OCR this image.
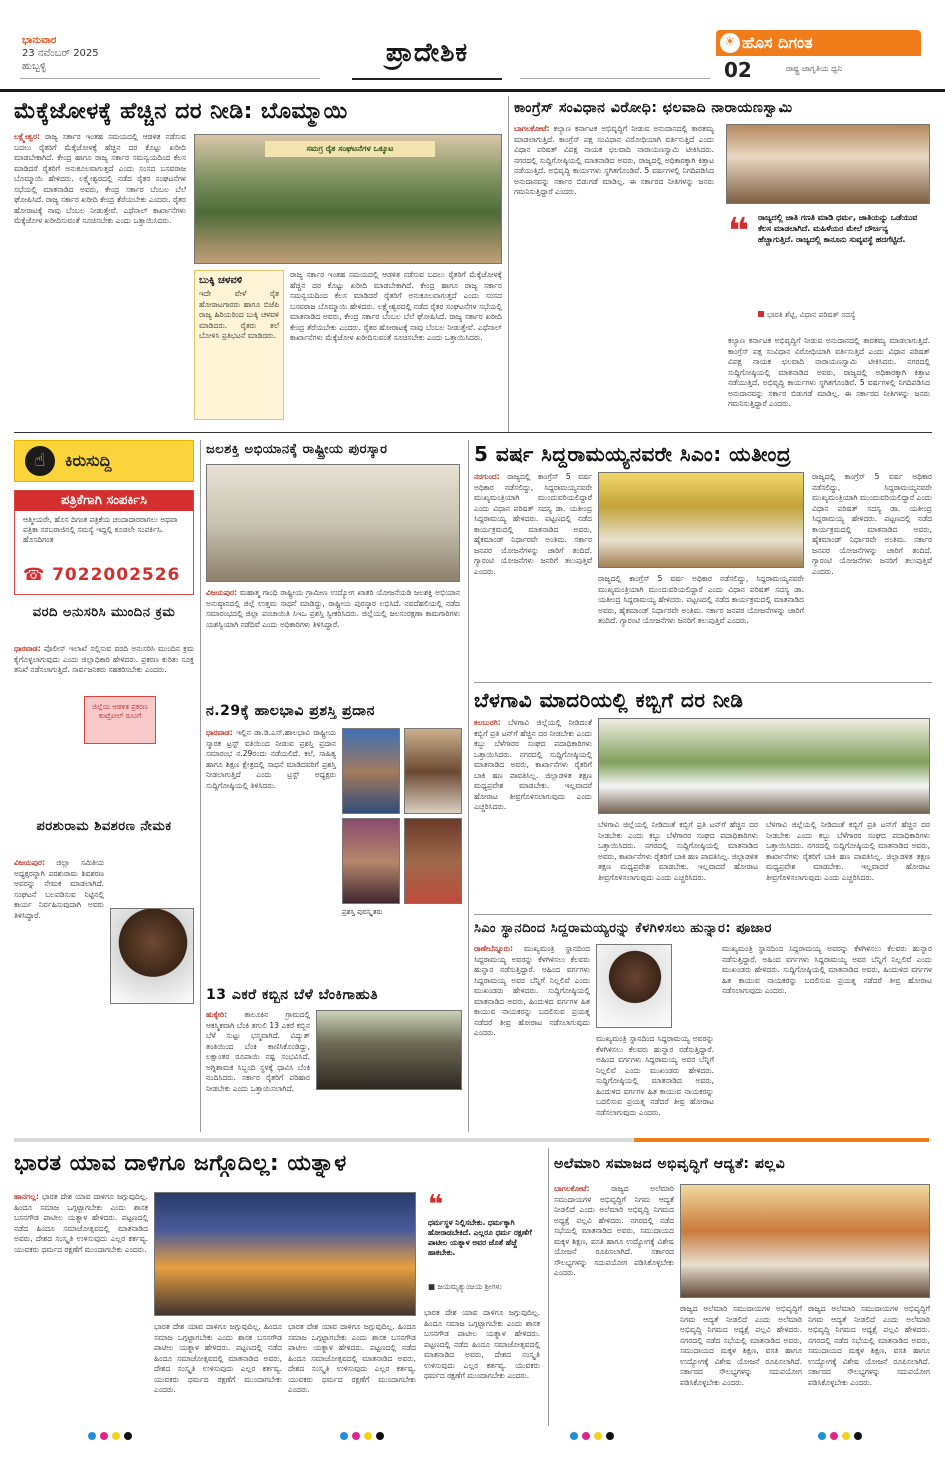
ಭಾನುವಾರ
23 ನವೆಂಬರ್ 2025
ಹುಬ್ಬಳ್ಳಿ	ಪ್ರಾದೇಶಿಕ	☀ ಹೊಸ ದಿಗಂತ
02	ರಾಷ್ಟ್ರ ಜಾಗೃತಿಯ ಧ್ವನಿ
ಮೆಕ್ಕೆಜೋಳಕ್ಕೆ ಹೆಚ್ಚಿನ ದರ ನೀಡಿ: ಬೊಮ್ಮಾಯಿ
ಲಕ್ಷ್ಮೇಶ್ವರ: ರಾಜ್ಯ ಸರ್ಕಾರ ಇಂತಹ ಸಮಯದಲ್ಲಿ ಆಡಳಿತ ನಡೆಸುವ ಬದಲು ರೈತರಿಗೆ ಮೆಕ್ಕೆಜೋಳಕ್ಕೆ ಹೆಚ್ಚಿನ ದರ ಕೊಟ್ಟು ಖರೀದಿ ಮಾಡಬೇಕಾಗಿದೆ. ಕೇಂದ್ರ ಹಾಗೂ ರಾಜ್ಯ ಸರ್ಕಾರ ಸಮನ್ವಯದಿಂದ ಕೆಲಸ ಮಾಡಿದರೆ ರೈತರಿಗೆ ಅನುಕೂಲವಾಗುತ್ತದೆ ಎಂದು ಸಂಸದ ಬಸವರಾಜ ಬೊಮ್ಮಾಯಿ ಹೇಳಿದರು. ಲಕ್ಷ್ಮೇಶ್ವರದಲ್ಲಿ ನಡೆದ ರೈತರ ಸಂಘಟನೆಗಳ ಸಭೆಯಲ್ಲಿ ಮಾತನಾಡಿದ ಅವರು, ಕೇಂದ್ರ ಸರ್ಕಾರ ಬೆಂಬಲ ಬೆಲೆ ಘೋಷಿಸಿದೆ. ರಾಜ್ಯ ಸರ್ಕಾರ ಖರೀದಿ ಕೇಂದ್ರ ತೆರೆಯಬೇಕು ಎಂದರು. ರೈತರ ಹೋರಾಟಕ್ಕೆ ನಾವು ಬೆಂಬಲ ನೀಡುತ್ತೇವೆ. ಎಥೆನಾಲ್ ಕಾರ್ಖಾನೆಗಳು ಮೆಕ್ಕೆಜೋಳ ಖರೀದಿಸುವಂತೆ ಸೂಚಿಸಬೇಕು ಎಂದು ಒತ್ತಾಯಿಸಿದರು.
ಸಮಗ್ರ ರೈತ ಸಂಘಟನೆಗಳ ಒಕ್ಕೂಟ
ಬುಕ್ಕಿ ಚಳವಳಿ
ಇದೇ ವೇಳೆ ರೈತ ಹೋರಾಟಗಾರರು ಹಾಗೂ ಬಿಜೆಪಿ ರಾಜ್ಯ ಹಿರಿಯರಿಂದ ಬುಕ್ಕಿ ಚಳವಳಿ ಮಾಡಿದರು. ರೈತರು ತಲೆ ಬೋಳಿಸಿ ಪ್ರತಿಭಟನೆ ಮಾಡಿದರು.
ರಾಜ್ಯ ಸರ್ಕಾರ ಇಂತಹ ಸಮಯದಲ್ಲಿ ಆಡಳಿತ ನಡೆಸುವ ಬದಲು ರೈತರಿಗೆ ಮೆಕ್ಕೆಜೋಳಕ್ಕೆ ಹೆಚ್ಚಿನ ದರ ಕೊಟ್ಟು ಖರೀದಿ ಮಾಡಬೇಕಾಗಿದೆ. ಕೇಂದ್ರ ಹಾಗೂ ರಾಜ್ಯ ಸರ್ಕಾರ ಸಮನ್ವಯದಿಂದ ಕೆಲಸ ಮಾಡಿದರೆ ರೈತರಿಗೆ ಅನುಕೂಲವಾಗುತ್ತದೆ ಎಂದು ಸಂಸದ ಬಸವರಾಜ ಬೊಮ್ಮಾಯಿ ಹೇಳಿದರು. ಲಕ್ಷ್ಮೇಶ್ವರದಲ್ಲಿ ನಡೆದ ರೈತರ ಸಂಘಟನೆಗಳ ಸಭೆಯಲ್ಲಿ ಮಾತನಾಡಿದ ಅವರು, ಕೇಂದ್ರ ಸರ್ಕಾರ ಬೆಂಬಲ ಬೆಲೆ ಘೋಷಿಸಿದೆ. ರಾಜ್ಯ ಸರ್ಕಾರ ಖರೀದಿ ಕೇಂದ್ರ ತೆರೆಯಬೇಕು ಎಂದರು. ರೈತರ ಹೋರಾಟಕ್ಕೆ ನಾವು ಬೆಂಬಲ ನೀಡುತ್ತೇವೆ. ಎಥೆನಾಲ್ ಕಾರ್ಖಾನೆಗಳು ಮೆಕ್ಕೆಜೋಳ ಖರೀದಿಸುವಂತೆ ಸೂಚಿಸಬೇಕು ಎಂದು ಒತ್ತಾಯಿಸಿದರು.
ಕಾಂಗ್ರೆಸ್ ಸಂವಿಧಾನ ವಿರೋಧಿ: ಛಲವಾದಿ ನಾರಾಯಣಸ್ವಾಮಿ
ಬಾಗಲಕೋಟೆ: ಕಲ್ಯಾಣ ಕರ್ನಾಟಕ ಅಭಿವೃದ್ಧಿಗೆ ನೀಡುವ ಅನುದಾನದಲ್ಲಿ ತಾರತಮ್ಯ ಮಾಡಲಾಗುತ್ತಿದೆ. ಕಾಂಗ್ರೆಸ್ ಪಕ್ಷ ಸಂವಿಧಾನ ವಿರೋಧಿಯಾಗಿ ವರ್ತಿಸುತ್ತಿದೆ ಎಂದು ವಿಧಾನ ಪರಿಷತ್ ವಿಪಕ್ಷ ನಾಯಕ ಛಲವಾದಿ ನಾರಾಯಣಸ್ವಾಮಿ ಟೀಕಿಸಿದರು. ನಗರದಲ್ಲಿ ಸುದ್ದಿಗೋಷ್ಠಿಯಲ್ಲಿ ಮಾತನಾಡಿದ ಅವರು, ರಾಜ್ಯದಲ್ಲಿ ಅಧಿಕಾರಕ್ಕಾಗಿ ಕಿತ್ತಾಟ ನಡೆಯುತ್ತಿದೆ. ಅಭಿವೃದ್ಧಿ ಕಾರ್ಯಗಳು ಸ್ಥಗಿತಗೊಂಡಿವೆ. 5 ವರ್ಷಗಳಲ್ಲಿ ನಿಗದಿಪಡಿಸಿದ ಅನುದಾನವನ್ನು ಸರ್ಕಾರ ಬಿಡುಗಡೆ ಮಾಡಿಲ್ಲ. ಈ ಸರ್ಕಾರದ ನೀತಿಗಳನ್ನು ಜನರು ಗಮನಿಸುತ್ತಿದ್ದಾರೆ ಎಂದರು.
❝ ರಾಜ್ಯದಲ್ಲಿ ಜಾತಿ ಗಣತಿ ಮಾಡಿ ಧರ್ಮ, ಜಾತಿಯನ್ನು ಒಡೆಯುವ ಕೆಲಸ ಮಾಡಲಾಗಿದೆ. ಮಹಿಳೆಯರ ಮೇಲೆ ದೌರ್ಜನ್ಯ ಹೆಚ್ಚಾಗುತ್ತಿದೆ. ರಾಜ್ಯದಲ್ಲಿ ಕಾನೂನು ಸುವ್ಯವಸ್ಥೆ ಹದಗೆಟ್ಟಿದೆ.
ಭಾರತಿ ಶೆಟ್ಟಿ, ವಿಧಾನ ಪರಿಷತ್ ಸದಸ್ಯೆ
ಕಲ್ಯಾಣ ಕರ್ನಾಟಕ ಅಭಿವೃದ್ಧಿಗೆ ನೀಡುವ ಅನುದಾನದಲ್ಲಿ ತಾರತಮ್ಯ ಮಾಡಲಾಗುತ್ತಿದೆ. ಕಾಂಗ್ರೆಸ್ ಪಕ್ಷ ಸಂವಿಧಾನ ವಿರೋಧಿಯಾಗಿ ವರ್ತಿಸುತ್ತಿದೆ ಎಂದು ವಿಧಾನ ಪರಿಷತ್ ವಿಪಕ್ಷ ನಾಯಕ ಛಲವಾದಿ ನಾರಾಯಣಸ್ವಾಮಿ ಟೀಕಿಸಿದರು. ನಗರದಲ್ಲಿ ಸುದ್ದಿಗೋಷ್ಠಿಯಲ್ಲಿ ಮಾತನಾಡಿದ ಅವರು, ರಾಜ್ಯದಲ್ಲಿ ಅಧಿಕಾರಕ್ಕಾಗಿ ಕಿತ್ತಾಟ ನಡೆಯುತ್ತಿದೆ. ಅಭಿವೃದ್ಧಿ ಕಾರ್ಯಗಳು ಸ್ಥಗಿತಗೊಂಡಿವೆ. 5 ವರ್ಷಗಳಲ್ಲಿ ನಿಗದಿಪಡಿಸಿದ ಅನುದಾನವನ್ನು ಸರ್ಕಾರ ಬಿಡುಗಡೆ ಮಾಡಿಲ್ಲ. ಈ ಸರ್ಕಾರದ ನೀತಿಗಳನ್ನು ಜನರು ಗಮನಿಸುತ್ತಿದ್ದಾರೆ ಎಂದರು.
☝	ಕಿರುಸುದ್ದಿ
ಪತ್ರಿಕೆಗಾಗಿ ಸಂಪರ್ಕಿಸಿ
ಆತ್ಮೀಯರೇ, ಹೊಸ ದಿಗಂತ ಪತ್ರಿಕೆಯ ಚಂದಾದಾರರಾಗಲು ಅಥವಾ ಪತ್ರಿಕಾ ಸರಬರಾಜಿನಲ್ಲಿ ಸಮಸ್ಯೆ ಇದ್ದಲ್ಲಿ ಕೂಡಲೇ ಸಂಪರ್ಕಿಸಿ. ಹೊಸದಿಗಂತ
☎ 7022002526
ವರದಿ ಅನುಸರಿಸಿ ಮುಂದಿನ ಕ್ರಮ
ಧಾರವಾಡ: ಪೊಲೀಸ್ ಇಲಾಖೆ ಸಲ್ಲಿಸುವ ವರದಿ ಅನುಸರಿಸಿ ಮುಂದಿನ ಕ್ರಮ ಕೈಗೊಳ್ಳಲಾಗುವುದು ಎಂದು ಜಿಲ್ಲಾಧಿಕಾರಿ ಹೇಳಿದರು. ಪ್ರಕರಣ ಕುರಿತು ಸೂಕ್ತ ತನಿಖೆ ನಡೆಸಲಾಗುತ್ತಿದೆ. ಸಾರ್ವಜನಿಕರು ಸಹಕರಿಸಬೇಕು ಎಂದರು.
ಜಿಲ್ಲೆಯ ಆಡಳಿತ ಪ್ರಕರಣ ಕಂಟ್ರೋಲ್ ರೂಂಗೆ
ಪರಶುರಾಮ ಶಿವಶರಣ ನೇಮಕ
ವಿಜಯಪುರ: ಜಿಲ್ಲಾ ಸಮಿತಿಯ ಅಧ್ಯಕ್ಷರನ್ನಾಗಿ ಪರಶುರಾಮ ಶಿವಶರಣ ಅವರನ್ನು ನೇಮಕ ಮಾಡಲಾಗಿದೆ. ಸಂಘಟನೆ ಬಲಪಡಿಸುವ ನಿಟ್ಟಿನಲ್ಲಿ ಕಾರ್ಯ ನಿರ್ವಹಿಸುವುದಾಗಿ ಅವರು ತಿಳಿಸಿದ್ದಾರೆ.
ಜಲಶಕ್ತಿ ಅಭಿಯಾನಕ್ಕೆ ರಾಷ್ಟ್ರೀಯ ಪುರಸ್ಕಾರ
ವಿಜಯಪುರ: ಮಹಾತ್ಮ ಗಾಂಧಿ ರಾಷ್ಟ್ರೀಯ ಗ್ರಾಮೀಣ ಉದ್ಯೋಗ ಖಾತರಿ ಯೋಜನೆಯಡಿ ಜಲಶಕ್ತಿ ಅಭಿಯಾನ ಅನುಷ್ಠಾನದಲ್ಲಿ ಜಿಲ್ಲೆ ಉತ್ತಮ ಸಾಧನೆ ಮಾಡಿದ್ದು, ರಾಷ್ಟ್ರೀಯ ಪುರಸ್ಕಾರ ಲಭಿಸಿದೆ. ನವದೆಹಲಿಯಲ್ಲಿ ನಡೆದ ಸಮಾರಂಭದಲ್ಲಿ ಜಿಲ್ಲಾ ಪಂಚಾಯಿತಿ ಸಿಇಒ ಪ್ರಶಸ್ತಿ ಸ್ವೀಕರಿಸಿದರು. ಜಿಲ್ಲೆಯಲ್ಲಿ ಜಲಸಂರಕ್ಷಣಾ ಕಾಮಗಾರಿಗಳು ಯಶಸ್ವಿಯಾಗಿ ನಡೆದಿವೆ ಎಂದು ಅಧಿಕಾರಿಗಳು ತಿಳಿಸಿದ್ದಾರೆ.
ನ.29ಕ್ಕೆ ಹಾಲಭಾವಿ ಪ್ರಶಸ್ತಿ ಪ್ರದಾನ
ಧಾರವಾಡ: ಇಲ್ಲಿನ ಡಾ.ಡಿ.ಎಸ್.ಹಾಲಭಾವಿ ರಾಷ್ಟ್ರೀಯ ಸ್ಮಾರಕ ಟ್ರಸ್ಟ್ ವತಿಯಿಂದ ನೀಡುವ ಪ್ರಶಸ್ತಿ ಪ್ರದಾನ ಸಮಾರಂಭ ನ.29ರಂದು ನಡೆಯಲಿದೆ. ಕಲೆ, ಸಾಹಿತ್ಯ ಹಾಗೂ ಶಿಕ್ಷಣ ಕ್ಷೇತ್ರದಲ್ಲಿ ಸಾಧನೆ ಮಾಡಿದವರಿಗೆ ಪ್ರಶಸ್ತಿ ನೀಡಲಾಗುತ್ತಿದೆ ಎಂದು ಟ್ರಸ್ಟ್ ಅಧ್ಯಕ್ಷರು ಸುದ್ದಿಗೋಷ್ಠಿಯಲ್ಲಿ ತಿಳಿಸಿದರು.
ಪ್ರಶಸ್ತಿ ಪುರಸ್ಕೃತರು
13 ಎಕರೆ ಕಬ್ಬಿನ ಬೆಳೆ ಬೆಂಕಿಗಾಹುತಿ
ಹುಕ್ಕೇರಿ: ತಾಲೂಕಿನ ಗ್ರಾಮದಲ್ಲಿ ಆಕಸ್ಮಿಕವಾಗಿ ಬೆಂಕಿ ತಗುಲಿ 13 ಎಕರೆ ಕಬ್ಬಿನ ಬೆಳೆ ಸುಟ್ಟು ಭಸ್ಮವಾಗಿದೆ. ವಿದ್ಯುತ್ ತಂತಿಯಿಂದ ಬೆಂಕಿ ಕಾಣಿಸಿಕೊಂಡಿದ್ದು, ಲಕ್ಷಾಂತರ ರೂಪಾಯಿ ನಷ್ಟ ಸಂಭವಿಸಿದೆ. ಅಗ್ನಿಶಾಮಕ ಸಿಬ್ಬಂದಿ ಸ್ಥಳಕ್ಕೆ ಧಾವಿಸಿ ಬೆಂಕಿ ನಂದಿಸಿದರು. ಸರ್ಕಾರ ರೈತರಿಗೆ ಪರಿಹಾರ ನೀಡಬೇಕು ಎಂದು ಒತ್ತಾಯಿಸಲಾಗಿದೆ.
5 ವರ್ಷ ಸಿದ್ದರಾಮಯ್ಯನವರೇ ಸಿಎಂ: ಯತೀಂದ್ರ
ನರಗುಂದ: ರಾಜ್ಯದಲ್ಲಿ ಕಾಂಗ್ರೆಸ್ 5 ವರ್ಷ ಅಧಿಕಾರ ನಡೆಸಲಿದ್ದು, ಸಿದ್ದರಾಮಯ್ಯನವರೇ ಮುಖ್ಯಮಂತ್ರಿಯಾಗಿ ಮುಂದುವರಿಯಲಿದ್ದಾರೆ ಎಂದು ವಿಧಾನ ಪರಿಷತ್ ಸದಸ್ಯ ಡಾ. ಯತೀಂದ್ರ ಸಿದ್ದರಾಮಯ್ಯ ಹೇಳಿದರು. ಪಟ್ಟಣದಲ್ಲಿ ನಡೆದ ಕಾರ್ಯಕ್ರಮದಲ್ಲಿ ಮಾತನಾಡಿದ ಅವರು, ಹೈಕಮಾಂಡ್ ನಿರ್ಧಾರವೇ ಅಂತಿಮ. ಸರ್ಕಾರ ಜನಪರ ಯೋಜನೆಗಳನ್ನು ಜಾರಿಗೆ ತಂದಿದೆ. ಗ್ಯಾರಂಟಿ ಯೋಜನೆಗಳು ಜನರಿಗೆ ತಲುಪುತ್ತಿವೆ ಎಂದರು.
ರಾಜ್ಯದಲ್ಲಿ ಕಾಂಗ್ರೆಸ್ 5 ವರ್ಷ ಅಧಿಕಾರ ನಡೆಸಲಿದ್ದು, ಸಿದ್ದರಾಮಯ್ಯನವರೇ ಮುಖ್ಯಮಂತ್ರಿಯಾಗಿ ಮುಂದುವರಿಯಲಿದ್ದಾರೆ ಎಂದು ವಿಧಾನ ಪರಿಷತ್ ಸದಸ್ಯ ಡಾ. ಯತೀಂದ್ರ ಸಿದ್ದರಾಮಯ್ಯ ಹೇಳಿದರು. ಪಟ್ಟಣದಲ್ಲಿ ನಡೆದ ಕಾರ್ಯಕ್ರಮದಲ್ಲಿ ಮಾತನಾಡಿದ ಅವರು, ಹೈಕಮಾಂಡ್ ನಿರ್ಧಾರವೇ ಅಂತಿಮ. ಸರ್ಕಾರ ಜನಪರ ಯೋಜನೆಗಳನ್ನು ಜಾರಿಗೆ ತಂದಿದೆ. ಗ್ಯಾರಂಟಿ ಯೋಜನೆಗಳು ಜನರಿಗೆ ತಲುಪುತ್ತಿವೆ ಎಂದರು.
ರಾಜ್ಯದಲ್ಲಿ ಕಾಂಗ್ರೆಸ್ 5 ವರ್ಷ ಅಧಿಕಾರ ನಡೆಸಲಿದ್ದು, ಸಿದ್ದರಾಮಯ್ಯನವರೇ ಮುಖ್ಯಮಂತ್ರಿಯಾಗಿ ಮುಂದುವರಿಯಲಿದ್ದಾರೆ ಎಂದು ವಿಧಾನ ಪರಿಷತ್ ಸದಸ್ಯ ಡಾ. ಯತೀಂದ್ರ ಸಿದ್ದರಾಮಯ್ಯ ಹೇಳಿದರು. ಪಟ್ಟಣದಲ್ಲಿ ನಡೆದ ಕಾರ್ಯಕ್ರಮದಲ್ಲಿ ಮಾತನಾಡಿದ ಅವರು, ಹೈಕಮಾಂಡ್ ನಿರ್ಧಾರವೇ ಅಂತಿಮ. ಸರ್ಕಾರ ಜನಪರ ಯೋಜನೆಗಳನ್ನು ಜಾರಿಗೆ ತಂದಿದೆ. ಗ್ಯಾರಂಟಿ ಯೋಜನೆಗಳು ಜನರಿಗೆ ತಲುಪುತ್ತಿವೆ ಎಂದರು.
ಬೆಳಗಾವಿ ಮಾದರಿಯಲ್ಲಿ ಕಬ್ಬಿಗೆ ದರ ನೀಡಿ
ಕಲಬುರಗಿ: ಬೆಳಗಾವಿ ಜಿಲ್ಲೆಯಲ್ಲಿ ನೀಡಿದಂತೆ ಕಬ್ಬಿಗೆ ಪ್ರತಿ ಟನ್‌ಗೆ ಹೆಚ್ಚಿನ ದರ ನೀಡಬೇಕು ಎಂದು ಕಬ್ಬು ಬೆಳೆಗಾರರ ಸಂಘದ ಪದಾಧಿಕಾರಿಗಳು ಒತ್ತಾಯಿಸಿದರು. ನಗರದಲ್ಲಿ ಸುದ್ದಿಗೋಷ್ಠಿಯಲ್ಲಿ ಮಾತನಾಡಿದ ಅವರು, ಕಾರ್ಖಾನೆಗಳು ರೈತರಿಗೆ ಬಾಕಿ ಹಣ ಪಾವತಿಸಿಲ್ಲ. ಜಿಲ್ಲಾಡಳಿತ ತಕ್ಷಣ ಮಧ್ಯಪ್ರವೇಶ ಮಾಡಬೇಕು. ಇಲ್ಲವಾದರೆ ಹೋರಾಟ ತೀವ್ರಗೊಳಿಸಲಾಗುವುದು ಎಂದು ಎಚ್ಚರಿಸಿದರು.
ಬೆಳಗಾವಿ ಜಿಲ್ಲೆಯಲ್ಲಿ ನೀಡಿದಂತೆ ಕಬ್ಬಿಗೆ ಪ್ರತಿ ಟನ್‌ಗೆ ಹೆಚ್ಚಿನ ದರ ನೀಡಬೇಕು ಎಂದು ಕಬ್ಬು ಬೆಳೆಗಾರರ ಸಂಘದ ಪದಾಧಿಕಾರಿಗಳು ಒತ್ತಾಯಿಸಿದರು. ನಗರದಲ್ಲಿ ಸುದ್ದಿಗೋಷ್ಠಿಯಲ್ಲಿ ಮಾತನಾಡಿದ ಅವರು, ಕಾರ್ಖಾನೆಗಳು ರೈತರಿಗೆ ಬಾಕಿ ಹಣ ಪಾವತಿಸಿಲ್ಲ. ಜಿಲ್ಲಾಡಳಿತ ತಕ್ಷಣ ಮಧ್ಯಪ್ರವೇಶ ಮಾಡಬೇಕು. ಇಲ್ಲವಾದರೆ ಹೋರಾಟ ತೀವ್ರಗೊಳಿಸಲಾಗುವುದು ಎಂದು ಎಚ್ಚರಿಸಿದರು.
ಬೆಳಗಾವಿ ಜಿಲ್ಲೆಯಲ್ಲಿ ನೀಡಿದಂತೆ ಕಬ್ಬಿಗೆ ಪ್ರತಿ ಟನ್‌ಗೆ ಹೆಚ್ಚಿನ ದರ ನೀಡಬೇಕು ಎಂದು ಕಬ್ಬು ಬೆಳೆಗಾರರ ಸಂಘದ ಪದಾಧಿಕಾರಿಗಳು ಒತ್ತಾಯಿಸಿದರು. ನಗರದಲ್ಲಿ ಸುದ್ದಿಗೋಷ್ಠಿಯಲ್ಲಿ ಮಾತನಾಡಿದ ಅವರು, ಕಾರ್ಖಾನೆಗಳು ರೈತರಿಗೆ ಬಾಕಿ ಹಣ ಪಾವತಿಸಿಲ್ಲ. ಜಿಲ್ಲಾಡಳಿತ ತಕ್ಷಣ ಮಧ್ಯಪ್ರವೇಶ ಮಾಡಬೇಕು. ಇಲ್ಲವಾದರೆ ಹೋರಾಟ ತೀವ್ರಗೊಳಿಸಲಾಗುವುದು ಎಂದು ಎಚ್ಚರಿಸಿದರು.
ಸಿಎಂ ಸ್ಥಾನದಿಂದ ಸಿದ್ದರಾಮಯ್ಯರನ್ನು ಕೆಳಗಿಳಿಸಲು ಹುನ್ನಾರ: ಪೂಜಾರ
ರಾಣೇಬೆನ್ನೂರು: ಮುಖ್ಯಮಂತ್ರಿ ಸ್ಥಾನದಿಂದ ಸಿದ್ದರಾಮಯ್ಯ ಅವರನ್ನು ಕೆಳಗಿಳಿಸಲು ಕೆಲವರು ಹುನ್ನಾರ ನಡೆಸುತ್ತಿದ್ದಾರೆ. ಅಹಿಂದ ವರ್ಗಗಳು ಸಿದ್ದರಾಮಯ್ಯ ಅವರ ಬೆನ್ನಿಗೆ ನಿಲ್ಲಲಿವೆ ಎಂದು ಮುಖಂಡರು ಹೇಳಿದರು. ಸುದ್ದಿಗೋಷ್ಠಿಯಲ್ಲಿ ಮಾತನಾಡಿದ ಅವರು, ಹಿಂದುಳಿದ ವರ್ಗಗಳ ಹಿತ ಕಾಯುವ ನಾಯಕರನ್ನು ಬದಲಿಸುವ ಪ್ರಯತ್ನ ನಡೆದರೆ ತೀವ್ರ ಹೋರಾಟ ನಡೆಸಲಾಗುವುದು ಎಂದರು.
ಮುಖ್ಯಮಂತ್ರಿ ಸ್ಥಾನದಿಂದ ಸಿದ್ದರಾಮಯ್ಯ ಅವರನ್ನು ಕೆಳಗಿಳಿಸಲು ಕೆಲವರು ಹುನ್ನಾರ ನಡೆಸುತ್ತಿದ್ದಾರೆ. ಅಹಿಂದ ವರ್ಗಗಳು ಸಿದ್ದರಾಮಯ್ಯ ಅವರ ಬೆನ್ನಿಗೆ ನಿಲ್ಲಲಿವೆ ಎಂದು ಮುಖಂಡರು ಹೇಳಿದರು. ಸುದ್ದಿಗೋಷ್ಠಿಯಲ್ಲಿ ಮಾತನಾಡಿದ ಅವರು, ಹಿಂದುಳಿದ ವರ್ಗಗಳ ಹಿತ ಕಾಯುವ ನಾಯಕರನ್ನು ಬದಲಿಸುವ ಪ್ರಯತ್ನ ನಡೆದರೆ ತೀವ್ರ ಹೋರಾಟ ನಡೆಸಲಾಗುವುದು ಎಂದರು.
ಮುಖ್ಯಮಂತ್ರಿ ಸ್ಥಾನದಿಂದ ಸಿದ್ದರಾಮಯ್ಯ ಅವರನ್ನು ಕೆಳಗಿಳಿಸಲು ಕೆಲವರು ಹುನ್ನಾರ ನಡೆಸುತ್ತಿದ್ದಾರೆ. ಅಹಿಂದ ವರ್ಗಗಳು ಸಿದ್ದರಾಮಯ್ಯ ಅವರ ಬೆನ್ನಿಗೆ ನಿಲ್ಲಲಿವೆ ಎಂದು ಮುಖಂಡರು ಹೇಳಿದರು. ಸುದ್ದಿಗೋಷ್ಠಿಯಲ್ಲಿ ಮಾತನಾಡಿದ ಅವರು, ಹಿಂದುಳಿದ ವರ್ಗಗಳ ಹಿತ ಕಾಯುವ ನಾಯಕರನ್ನು ಬದಲಿಸುವ ಪ್ರಯತ್ನ ನಡೆದರೆ ತೀವ್ರ ಹೋರಾಟ ನಡೆಸಲಾಗುವುದು ಎಂದರು.
ಭಾರತ ಯಾವ ದಾಳಿಗೂ ಜಗ್ಗೊದಿಲ್ಲ: ಯತ್ನಾಳ
ಹಾನಗಲ್ಲ: ಭಾರತ ದೇಶ ಯಾವ ದಾಳಿಗೂ ಜಗ್ಗುವುದಿಲ್ಲ. ಹಿಂದೂ ಸಮಾಜ ಒಗ್ಗಟ್ಟಾಗಬೇಕು ಎಂದು ಶಾಸಕ ಬಸನಗೌಡ ಪಾಟೀಲ ಯತ್ನಾಳ ಹೇಳಿದರು. ಪಟ್ಟಣದಲ್ಲಿ ನಡೆದ ಹಿಂದೂ ಸಮಾಜೋತ್ಸವದಲ್ಲಿ ಮಾತನಾಡಿದ ಅವರು, ದೇಶದ ಸಂಸ್ಕೃತಿ ಉಳಿಸುವುದು ಎಲ್ಲರ ಕರ್ತವ್ಯ. ಯುವಕರು ಧರ್ಮದ ರಕ್ಷಣೆಗೆ ಮುಂದಾಗಬೇಕು ಎಂದರು.
ಭಾರತ ದೇಶ ಯಾವ ದಾಳಿಗೂ ಜಗ್ಗುವುದಿಲ್ಲ. ಹಿಂದೂ ಸಮಾಜ ಒಗ್ಗಟ್ಟಾಗಬೇಕು ಎಂದು ಶಾಸಕ ಬಸನಗೌಡ ಪಾಟೀಲ ಯತ್ನಾಳ ಹೇಳಿದರು. ಪಟ್ಟಣದಲ್ಲಿ ನಡೆದ ಹಿಂದೂ ಸಮಾಜೋತ್ಸವದಲ್ಲಿ ಮಾತನಾಡಿದ ಅವರು, ದೇಶದ ಸಂಸ್ಕೃತಿ ಉಳಿಸುವುದು ಎಲ್ಲರ ಕರ್ತವ್ಯ. ಯುವಕರು ಧರ್ಮದ ರಕ್ಷಣೆಗೆ ಮುಂದಾಗಬೇಕು ಎಂದರು.
ಭಾರತ ದೇಶ ಯಾವ ದಾಳಿಗೂ ಜಗ್ಗುವುದಿಲ್ಲ. ಹಿಂದೂ ಸಮಾಜ ಒಗ್ಗಟ್ಟಾಗಬೇಕು ಎಂದು ಶಾಸಕ ಬಸನಗೌಡ ಪಾಟೀಲ ಯತ್ನಾಳ ಹೇಳಿದರು. ಪಟ್ಟಣದಲ್ಲಿ ನಡೆದ ಹಿಂದೂ ಸಮಾಜೋತ್ಸವದಲ್ಲಿ ಮಾತನಾಡಿದ ಅವರು, ದೇಶದ ಸಂಸ್ಕೃತಿ ಉಳಿಸುವುದು ಎಲ್ಲರ ಕರ್ತವ್ಯ. ಯುವಕರು ಧರ್ಮದ ರಕ್ಷಣೆಗೆ ಮುಂದಾಗಬೇಕು ಎಂದರು.
ಭಾರತ ದೇಶ ಯಾವ ದಾಳಿಗೂ ಜಗ್ಗುವುದಿಲ್ಲ. ಹಿಂದೂ ಸಮಾಜ ಒಗ್ಗಟ್ಟಾಗಬೇಕು ಎಂದು ಶಾಸಕ ಬಸನಗೌಡ ಪಾಟೀಲ ಯತ್ನಾಳ ಹೇಳಿದರು. ಪಟ್ಟಣದಲ್ಲಿ ನಡೆದ ಹಿಂದೂ ಸಮಾಜೋತ್ಸವದಲ್ಲಿ ಮಾತನಾಡಿದ ಅವರು, ದೇಶದ ಸಂಸ್ಕೃತಿ ಉಳಿಸುವುದು ಎಲ್ಲರ ಕರ್ತವ್ಯ. ಯುವಕರು ಧರ್ಮದ ರಕ್ಷಣೆಗೆ ಮುಂದಾಗಬೇಕು ಎಂದರು.
❝
ಧರ್ಮಸ್ಥಳ ನಿಲ್ಲಿಸಬೇಕು. ಧರ್ಮಕ್ಕಾಗಿ ಹೋರಾಡಬೇಕಿದೆ. ಎಲ್ಲರೂ ಧರ್ಮ ರಕ್ಷಣೆಗೆ ಪಾಟೀಲ ಯತ್ನಾಳ ಅವರ ಜೊತೆ ಹೆಜ್ಜೆ ಹಾಕಬೇಕು.
■ ಜಯಮೃತ್ಯುಂಜಯ ಶ್ರೀಗಳು
ಅಲೆಮಾರಿ ಸಮಾಜದ ಅಭಿವೃದ್ಧಿಗೆ ಆದ್ಯತೆ: ಪಲ್ಲವಿ
ಬಾಗಲಕೋಟೆ:	ರಾಜ್ಯದ ಅಲೆಮಾರಿ ಸಮುದಾಯಗಳ ಅಭಿವೃದ್ಧಿಗೆ ನಿಗಮ ಆದ್ಯತೆ ನೀಡಲಿದೆ ಎಂದು ಅಲೆಮಾರಿ ಅಭಿವೃದ್ಧಿ ನಿಗಮದ ಅಧ್ಯಕ್ಷೆ ಪಲ್ಲವಿ ಹೇಳಿದರು. ನಗರದಲ್ಲಿ ನಡೆದ ಸಭೆಯಲ್ಲಿ ಮಾತನಾಡಿದ ಅವರು, ಸಮುದಾಯದ ಮಕ್ಕಳ ಶಿಕ್ಷಣ, ವಸತಿ ಹಾಗೂ ಉದ್ಯೋಗಕ್ಕೆ ವಿಶೇಷ ಯೋಜನೆ ರೂಪಿಸಲಾಗಿದೆ. ಸರ್ಕಾರದ ಸೌಲಭ್ಯಗಳನ್ನು ಸದುಪಯೋಗ ಪಡಿಸಿಕೊಳ್ಳಬೇಕು ಎಂದರು.
ರಾಜ್ಯದ ಅಲೆಮಾರಿ ಸಮುದಾಯಗಳ ಅಭಿವೃದ್ಧಿಗೆ ನಿಗಮ ಆದ್ಯತೆ ನೀಡಲಿದೆ ಎಂದು ಅಲೆಮಾರಿ ಅಭಿವೃದ್ಧಿ ನಿಗಮದ ಅಧ್ಯಕ್ಷೆ ಪಲ್ಲವಿ ಹೇಳಿದರು. ನಗರದಲ್ಲಿ ನಡೆದ ಸಭೆಯಲ್ಲಿ ಮಾತನಾಡಿದ ಅವರು, ಸಮುದಾಯದ ಮಕ್ಕಳ ಶಿಕ್ಷಣ, ವಸತಿ ಹಾಗೂ ಉದ್ಯೋಗಕ್ಕೆ ವಿಶೇಷ ಯೋಜನೆ ರೂಪಿಸಲಾಗಿದೆ. ಸರ್ಕಾರದ ಸೌಲಭ್ಯಗಳನ್ನು ಸದುಪಯೋಗ ಪಡಿಸಿಕೊಳ್ಳಬೇಕು ಎಂದರು.
ರಾಜ್ಯದ ಅಲೆಮಾರಿ ಸಮುದಾಯಗಳ ಅಭಿವೃದ್ಧಿಗೆ ನಿಗಮ ಆದ್ಯತೆ ನೀಡಲಿದೆ ಎಂದು ಅಲೆಮಾರಿ ಅಭಿವೃದ್ಧಿ ನಿಗಮದ ಅಧ್ಯಕ್ಷೆ ಪಲ್ಲವಿ ಹೇಳಿದರು. ನಗರದಲ್ಲಿ ನಡೆದ ಸಭೆಯಲ್ಲಿ ಮಾತನಾಡಿದ ಅವರು, ಸಮುದಾಯದ ಮಕ್ಕಳ ಶಿಕ್ಷಣ, ವಸತಿ ಹಾಗೂ ಉದ್ಯೋಗಕ್ಕೆ ವಿಶೇಷ ಯೋಜನೆ ರೂಪಿಸಲಾಗಿದೆ. ಸರ್ಕಾರದ ಸೌಲಭ್ಯಗಳನ್ನು ಸದುಪಯೋಗ ಪಡಿಸಿಕೊಳ್ಳಬೇಕು ಎಂದರು.
